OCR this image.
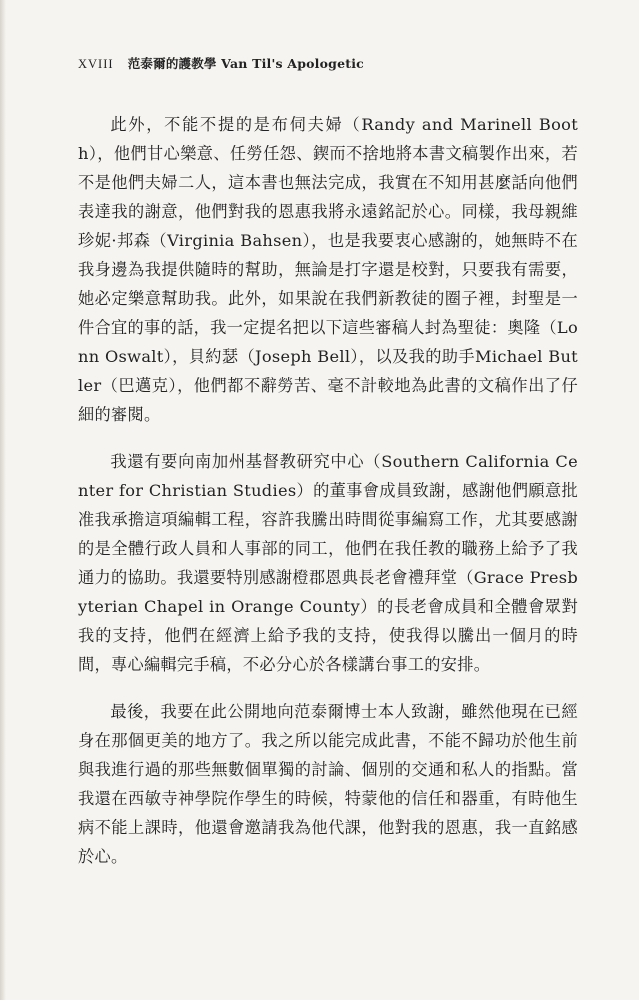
XVIII 范泰爾的護教學 Van Til's Apologetic

此外，不能不提的是布伺夫婦（Randy and Marinell Booth），他們甘心樂意、任勞任怨、鍥而不捨地將本書文稿製作出來，若不是他們夫婦二人，這本書也無法完成，我實在不知用甚麼話向他們表達我的謝意，他們對我的恩惠我將永遠銘記於心。同樣，我母親維珍妮·邦森（Virginia Bahsen），也是我要衷心感謝的，她無時不在我身邊為我提供隨時的幫助，無論是打字還是校對，只要我有需要，她必定樂意幫助我。此外，如果說在我們新教徒的圈子裡，封聖是一件合宜的事的話，我一定提名把以下這些審稿人封為聖徒：奧隆（Lonn Oswalt），貝約瑟（Joseph Bell），以及我的助手Michael Butler（巴邁克），他們都不辭勞苦、毫不計較地為此書的文稿作出了仔細的審閱。

我還有要向南加州基督教研究中心（Southern California Center for Christian Studies）的董事會成員致謝，感謝他們願意批准我承擔這項編輯工程，容許我騰出時間從事編寫工作，尤其要感謝的是全體行政人員和人事部的同工，他們在我任教的職務上給予了我通力的協助。我還要特別感謝橙郡恩典長老會禮拜堂（Grace Presbyterian Chapel in Orange County）的長老會成員和全體會眾對我的支持，他們在經濟上給予我的支持，使我得以騰出一個月的時間，專心編輯完手稿，不必分心於各樣講台事工的安排。

最後，我要在此公開地向范泰爾博士本人致謝，雖然他現在已經身在那個更美的地方了。我之所以能完成此書，不能不歸功於他生前與我進行過的那些無數個單獨的討論、個別的交通和私人的指點。當我還在西敏寺神學院作學生的時候，特蒙他的信任和器重，有時他生病不能上課時，他還會邀請我為他代課，他對我的恩惠，我一直銘感於心。
